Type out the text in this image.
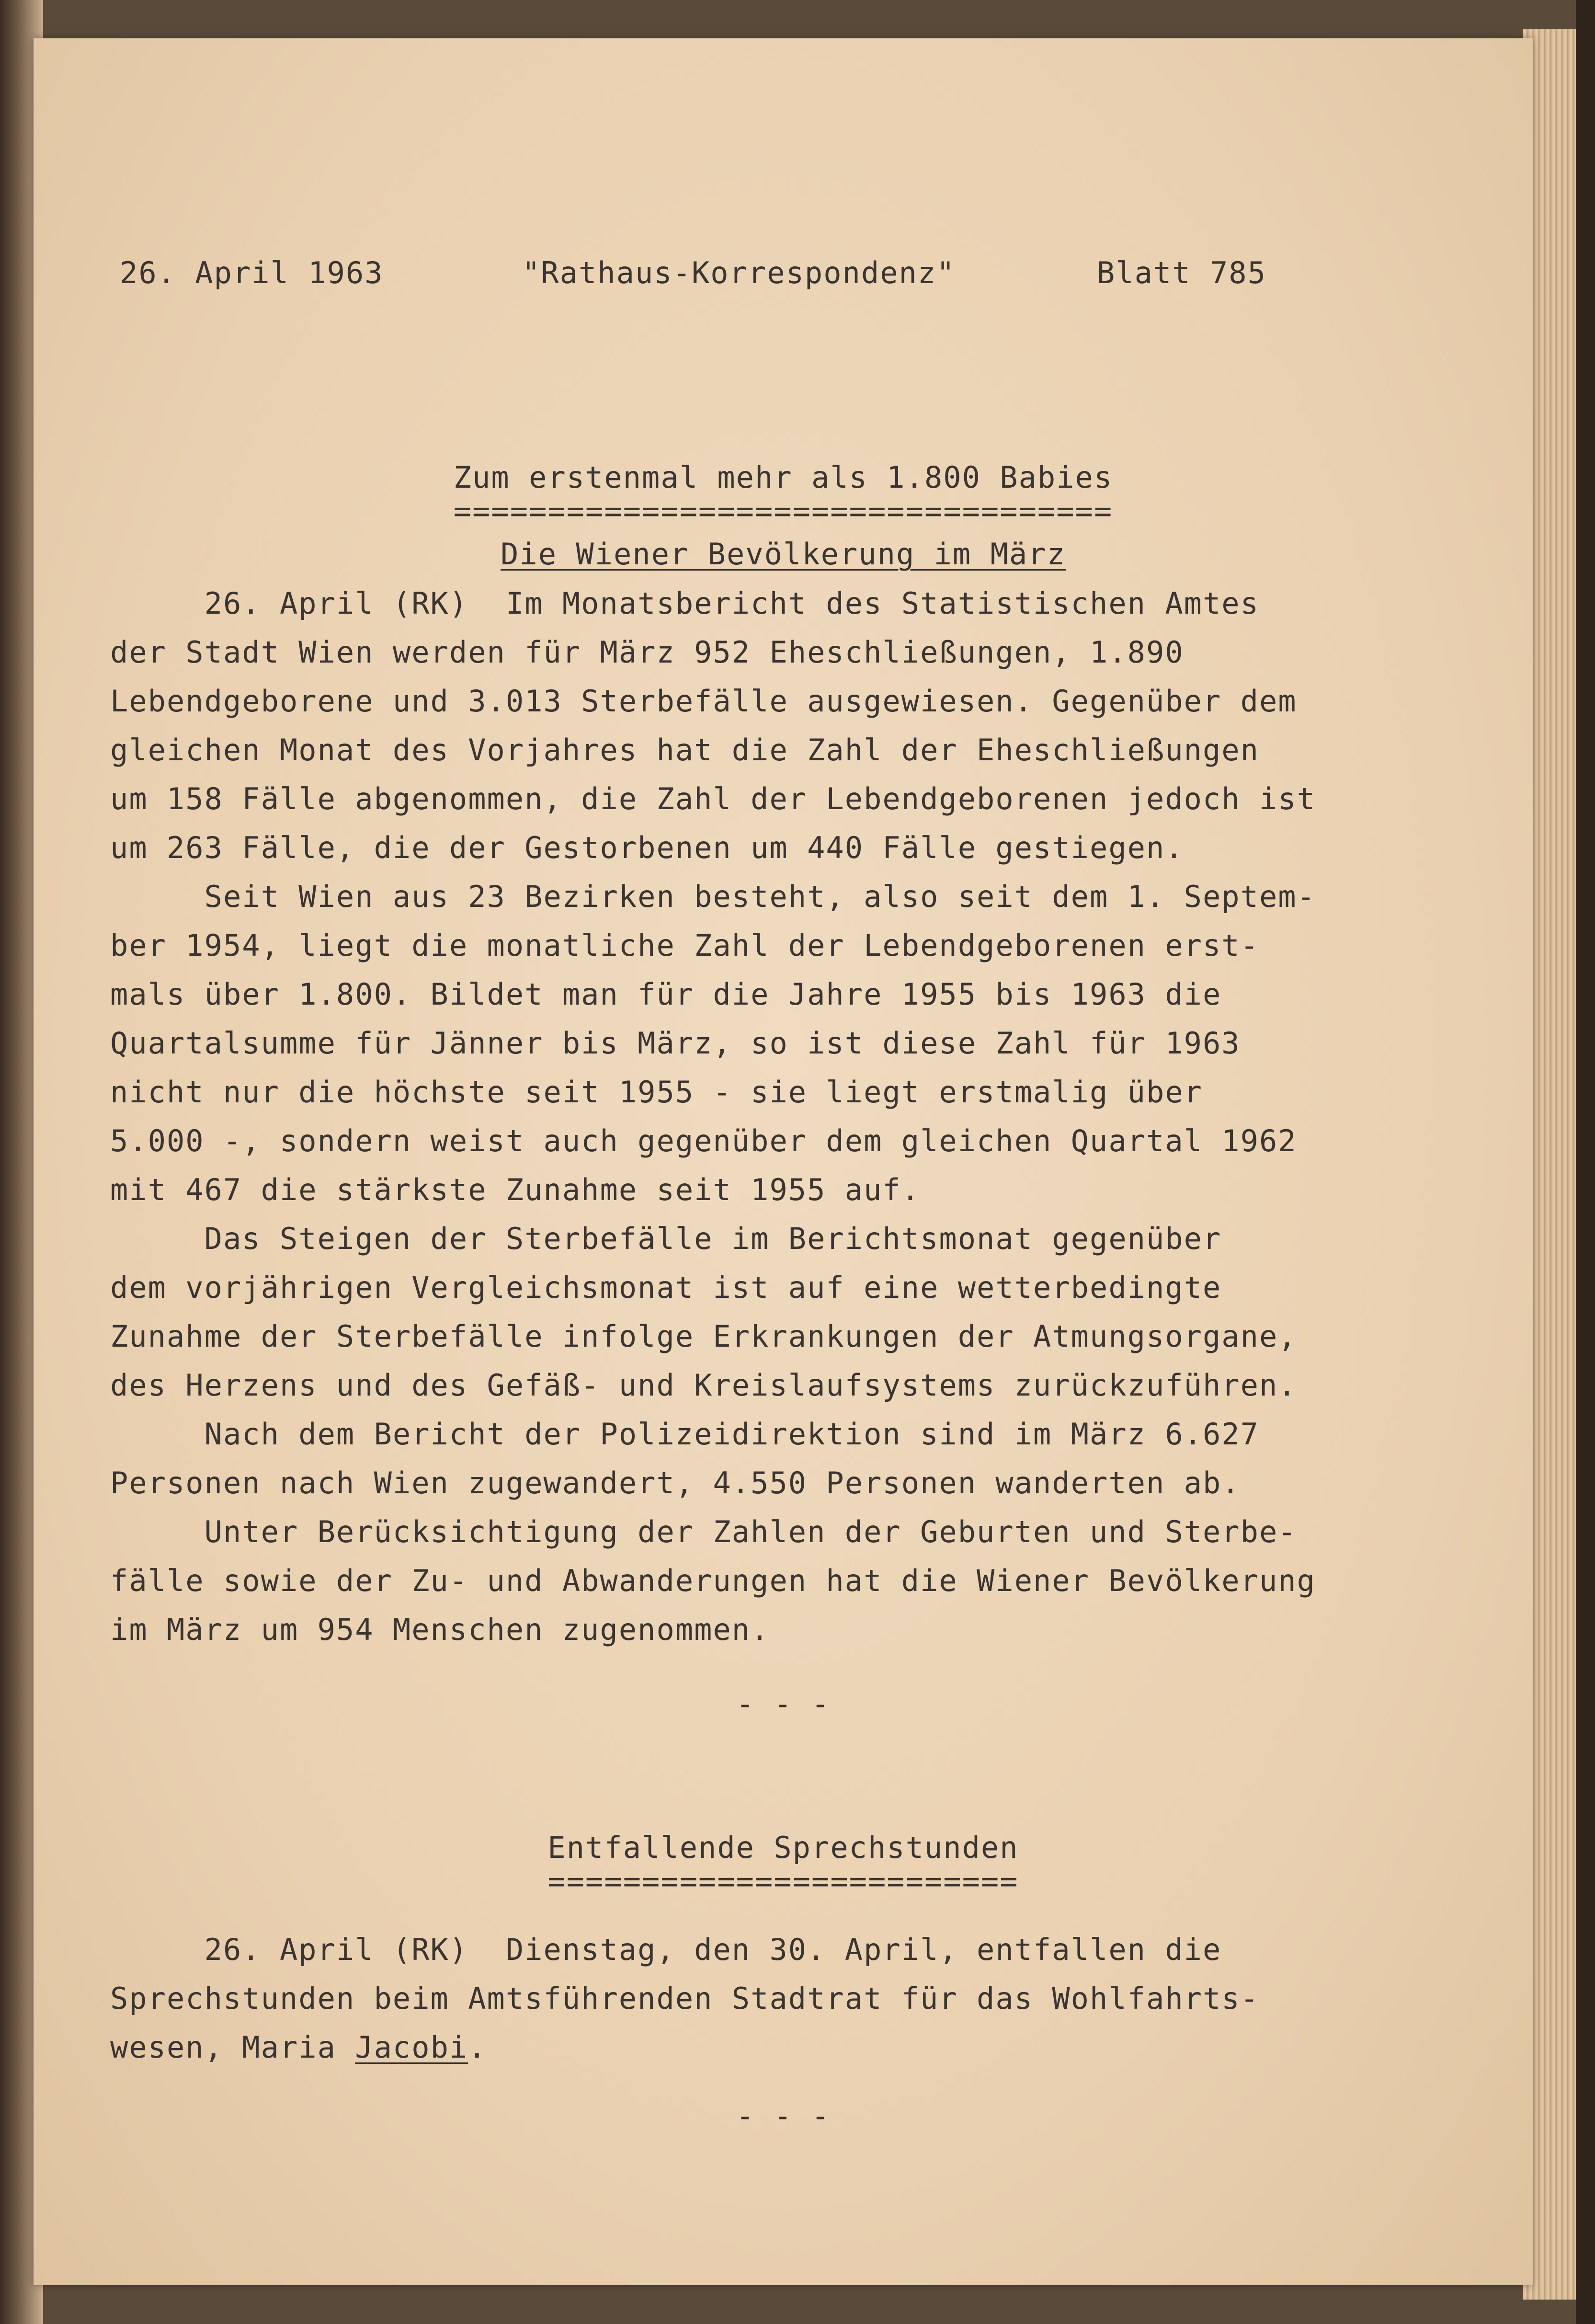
26. April 1963	"Rathaus-Korrespondenz"	Blatt 785
Zum erstenmal mehr als 1.800 Babies
===================================
Die Wiener Bevölkerung im März
26. April (RK)  Im Monatsbericht des Statistischen Amtes
der Stadt Wien werden für März 952 Eheschließungen, 1.890
Lebendgeborene und 3.013 Sterbefälle ausgewiesen. Gegenüber dem
gleichen Monat des Vorjahres hat die Zahl der Eheschließungen
um 158 Fälle abgenommen, die Zahl der Lebendgeborenen jedoch ist
um 263 Fälle, die der Gestorbenen um 440 Fälle gestiegen.
Seit Wien aus 23 Bezirken besteht, also seit dem 1. Septem-
ber 1954, liegt die monatliche Zahl der Lebendgeborenen erst-
mals über 1.800. Bildet man für die Jahre 1955 bis 1963 die
Quartalsumme für Jänner bis März, so ist diese Zahl für 1963
nicht nur die höchste seit 1955 - sie liegt erstmalig über
5.000 -, sondern weist auch gegenüber dem gleichen Quartal 1962
mit 467 die stärkste Zunahme seit 1955 auf.
Das Steigen der Sterbefälle im Berichtsmonat gegenüber
dem vorjährigen Vergleichsmonat ist auf eine wetterbedingte
Zunahme der Sterbefälle infolge Erkrankungen der Atmungsorgane,
des Herzens und des Gefäß- und Kreislaufsystems zurückzuführen.
Nach dem Bericht der Polizeidirektion sind im März 6.627
Personen nach Wien zugewandert, 4.550 Personen wanderten ab.
Unter Berücksichtigung der Zahlen der Geburten und Sterbe-
fälle sowie der Zu- und Abwanderungen hat die Wiener Bevölkerung
im März um 954 Menschen zugenommen.
- - -
Entfallende Sprechstunden
=========================
26. April (RK)  Dienstag, den 30. April, entfallen die
Sprechstunden beim Amtsführenden Stadtrat für das Wohlfahrts-
wesen, Maria Jacobi.
- - -
